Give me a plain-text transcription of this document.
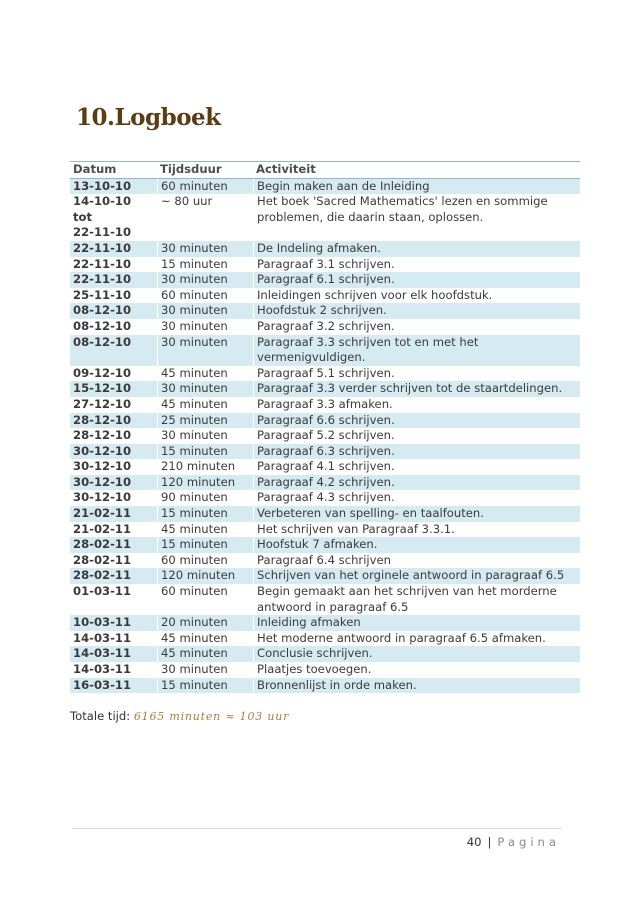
10.Logboek
Datum	Tijdsduur	Activiteit
13-10-10	60 minuten	Begin maken aan de Inleiding
14-10-10 tot
22-11-10
~ 80 uur	Het boek 'Sacred Mathematics' lezen en sommige problemen, die daarin staan, oplossen.
22-11-10	30 minuten	De Indeling afmaken.
22-11-10	15 minuten	Paragraaf 3.1 schrijven.
22-11-10	30 minuten	Paragraaf 6.1 schrijven.
25-11-10	60 minuten	Inleidingen schrijven voor elk hoofdstuk.
08-12-10	30 minuten	Hoofdstuk 2 schrijven.
08-12-10	30 minuten	Paragraaf 3.2 schrijven.
08-12-10	30 minuten	Paragraaf 3.3 schrijven tot en met het vermenigvuldigen.
09-12-10	45 minuten	Paragraaf 5.1 schrijven.
15-12-10	30 minuten	Paragraaf 3.3 verder schrijven tot de staartdelingen.
27-12-10	45 minuten	Paragraaf 3.3 afmaken.
28-12-10	25 minuten	Paragraaf 6.6 schrijven.
28-12-10	30 minuten	Paragraaf 5.2 schrijven.
30-12-10	15 minuten	Paragraaf 6.3 schrijven.
30-12-10	210 minuten	Paragraaf 4.1 schrijven.
30-12-10	120 minuten	Paragraaf 4.2 schrijven.
30-12-10	90 minuten	Paragraaf 4.3 schrijven.
21-02-11	15 minuten	Verbeteren van spelling- en taalfouten.
21-02-11	45 minuten	Het schrijven van Paragraaf 3.3.1.
28-02-11	15 minuten	Hoofstuk 7 afmaken.
28-02-11	60 minuten	Paragraaf 6.4 schrijven
28-02-11	120 minuten	Schrijven van het orginele antwoord in paragraaf 6.5
01-03-11	60 minuten	Begin gemaakt aan het schrijven van het morderne antwoord in paragraaf 6.5
10-03-11	20 minuten	Inleiding afmaken
14-03-11	45 minuten	Het moderne antwoord in paragraaf 6.5 afmaken.
14-03-11	45 minuten	Conclusie schrijven.
14-03-11	30 minuten	Plaatjes toevoegen.
16-03-11	15 minuten	Bronnenlijst in orde maken.
Totale tijd: 6165 minuten ≈ 103 uur
40 | Pagina
